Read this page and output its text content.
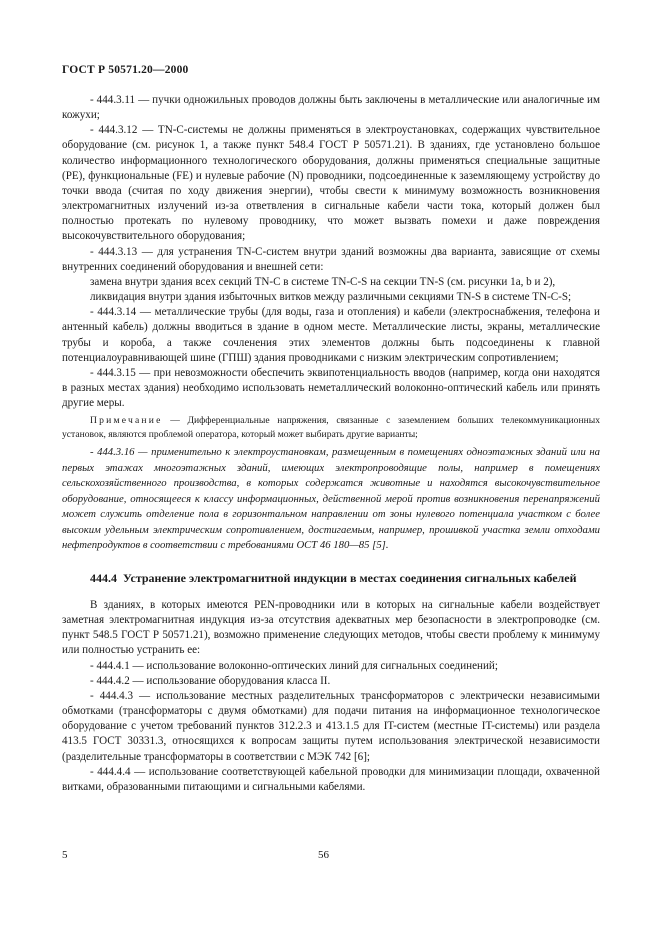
ГОСТ Р 50571.20—2000

- 444.3.11 — пучки одножильных проводов должны быть заключены в металлические или аналогичные им кожухи;

- 444.3.12 — TN-C-системы не должны применяться в электроустановках, содержащих чувствительное оборудование (см. рисунок 1, а также пункт 548.4 ГОСТ Р 50571.21). В зданиях, где установлено большое количество информационного технологического оборудования, должны применяться специальные защитные (PE), функциональные (FE) и нулевые рабочие (N) проводники, подсоединенные к заземляющему устройству до точки ввода (считая по ходу движения энергии), чтобы свести к минимуму возможность возникновения электромагнитных излучений из-за ответвления в сигнальные кабели части тока, который должен был полностью протекать по нулевому проводнику, что может вызвать помехи и даже повреждения высокочувствительного оборудования;

- 444.3.13 — для устранения TN-C-систем внутри зданий возможны два варианта, зависящие от схемы внутренних соединений оборудования и внешней сети:

замена внутри здания всех секций TN-C в системе TN-C-S на секции TN-S (см. рисунки 1а, b и 2),

ликвидация внутри здания избыточных витков между различными секциями TN-S в системе TN-C-S;

- 444.3.14 — металлические трубы (для воды, газа и отопления) и кабели (электроснабжения, телефона и антенный кабель) должны вводиться в здание в одном месте. Металлические листы, экраны, металлические трубы и короба, а также сочленения этих элементов должны быть подсоединены к главной потенциалоуравнивающей шине (ГПШ) здания проводниками с низким электрическим сопротивлением;

- 444.3.15 — при невозможности обеспечить эквипотенциальность вводов (например, когда они находятся в разных местах здания) необходимо использовать неметаллический волоконно-оптический кабель или принять другие меры.

Примечание — Дифференциальные напряжения, связанные с заземлением больших телекоммуникационных установок, являются проблемой оператора, который может выбирать другие варианты;

- 444.3.16 — применительно к электроустановкам, размещенным в помещениях одноэтажных зданий или на первых этажах многоэтажных зданий, имеющих электропроводящие полы, например в помещениях сельскохозяйственного производства, в которых содержатся животные и находятся высокочувствительное оборудование, относящееся к классу информационных, действенной мерой против возникновения перенапряжений может служить отделение пола в горизонтальном направлении от зоны нулевого потенциала участком с более высоким удельным электрическим сопротивлением, достигаемым, например, прошивкой участка земли отходами нефтепродуктов в соответствии с требованиями ОСТ 46 180—85 [5].

444.4 Устранение электромагнитной индукции в местах соединения сигнальных кабелей

В зданиях, в которых имеются PEN-проводники или в которых на сигнальные кабели воздействует заметная электромагнитная индукция из-за отсутствия адекватных мер безопасности в электропроводке (см. пункт 548.5 ГОСТ Р 50571.21), возможно применение следующих методов, чтобы свести проблему к минимуму или полностью устранить ее:

- 444.4.1 — использование волоконно-оптических линий для сигнальных соединений;

- 444.4.2 — использование оборудования класса II.

- 444.4.3 — использование местных разделительных трансформаторов с электрически независимыми обмотками (трансформаторы с двумя обмотками) для подачи питания на информационное технологическое оборудование с учетом требований пунктов 312.2.3 и 413.1.5 для IT-систем (местные IT-системы) или раздела 413.5 ГОСТ 30331.3, относящихся к вопросам защиты путем использования электрической независимости (разделительные трансформаторы в соответствии с МЭК 742 [6];

- 444.4.4 — использование соответствующей кабельной проводки для минимизации площади, охваченной витками, образованными питающими и сигнальными кабелями.

5	56
